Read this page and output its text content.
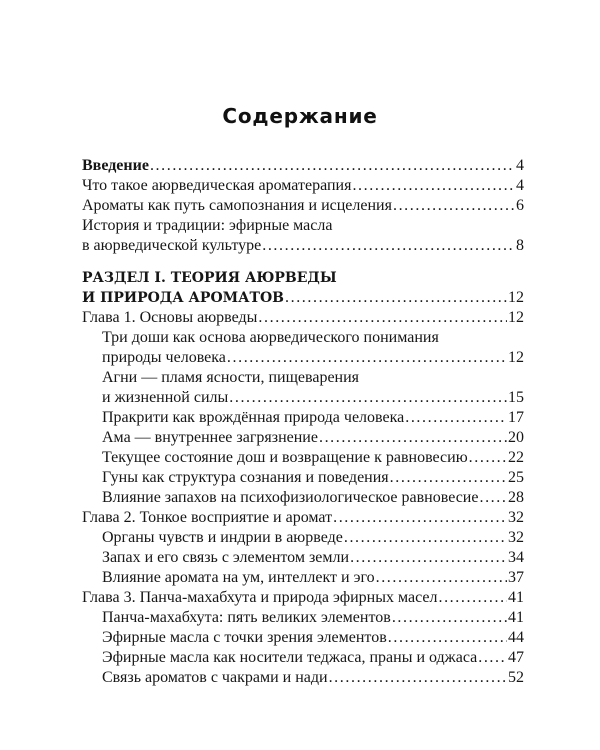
Содержание
Введение .....	4
Что такое аюрведическая ароматерапия .....	4
Ароматы как путь самопознания и исцеления .....	6
История и традиции: эфирные масла
в аюрведической культуре .....	8
РАЗДЕЛ I. ТЕОРИЯ АЮРВЕДЫ
И ПРИРОДА АРОМАТОВ .....	12
Глава 1. Основы аюрведы .....	12
Три доши как основа аюрведического понимания
природы человека .....	12
Агни — пламя ясности, пищеварения
и жизненной силы .....	15
Пракрити как врождённая природа человека .....	17
Ама — внутреннее загрязнение .....	20
Текущее состояние дош и возвращение к равновесию .....	22
Гуны как структура сознания и поведения .....	25
Влияние запахов на психофизиологическое равновесие ..... 28
Глава 2. Тонкое восприятие и аромат .....	32
Органы чувств и индрии в аюрведе .....	32
Запах и его связь с элементом земли .....	34
Влияние аромата на ум, интеллект и эго .....	37
Глава 3. Панча-махабхута и природа эфирных масел .....	41
Панча-махабхута: пять великих элементов .....	41
Эфирные масла с точки зрения элементов .....	44
Эфирные масла как носители теджаса, праны и оджаса ..... 47
Связь ароматов с чакрами и нади .....	52
